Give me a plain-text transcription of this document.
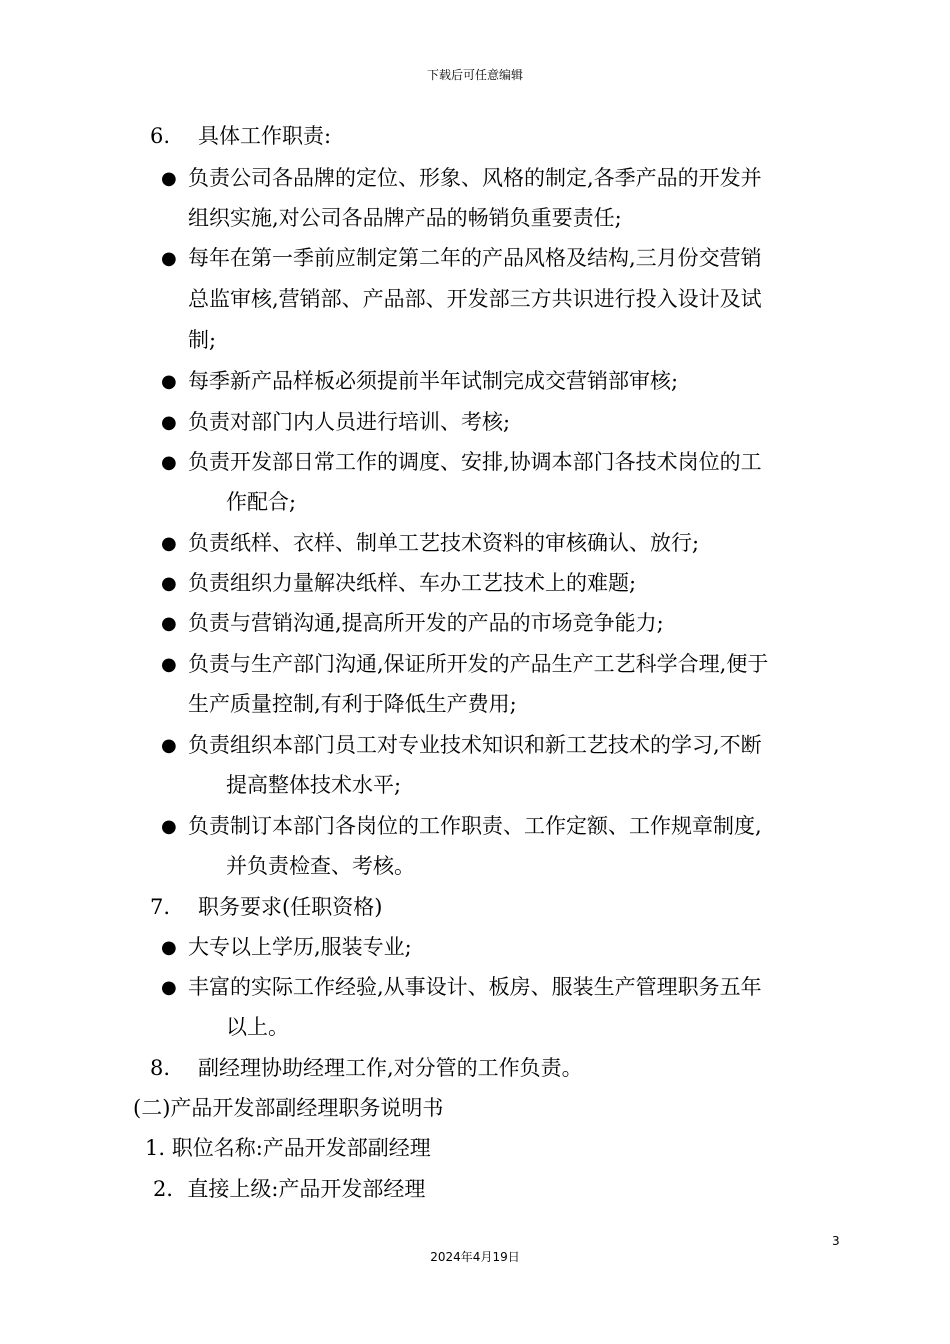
下载后可任意编辑
6. 具体工作职责:
● 负责公司各品牌的定位、形象、风格的制定,各季产品的开发并
组织实施,对公司各品牌产品的畅销负重要责任;
● 每年在第一季前应制定第二年的产品风格及结构,三月份交营销
总监审核,营销部、产品部、开发部三方共识进行投入设计及试
制;
● 每季新产品样板必须提前半年试制完成交营销部审核;
● 负责对部门内人员进行培训、考核;
● 负责开发部日常工作的调度、安排,协调本部门各技术岗位的工
作配合;
● 负责纸样、衣样、制单工艺技术资料的审核确认、放行;
● 负责组织力量解决纸样、车办工艺技术上的难题;
● 负责与营销沟通,提高所开发的产品的市场竞争能力;
● 负责与生产部门沟通,保证所开发的产品生产工艺科学合理,便于
生产质量控制,有利于降低生产费用;
● 负责组织本部门员工对专业技术知识和新工艺技术的学习,不断
提高整体技术水平;
● 负责制订本部门各岗位的工作职责、工作定额、工作规章制度,
并负责检查、考核。
7. 职务要求(任职资格)
● 大专以上学历,服装专业;
● 丰富的实际工作经验,从事设计、板房、服装生产管理职务五年
以上。
8. 副经理协助经理工作,对分管的工作负责。
(二)产品开发部副经理职务说明书
1. 职位名称:产品开发部副经理
2．直接上级:产品开发部经理
3
2024年4月19日
